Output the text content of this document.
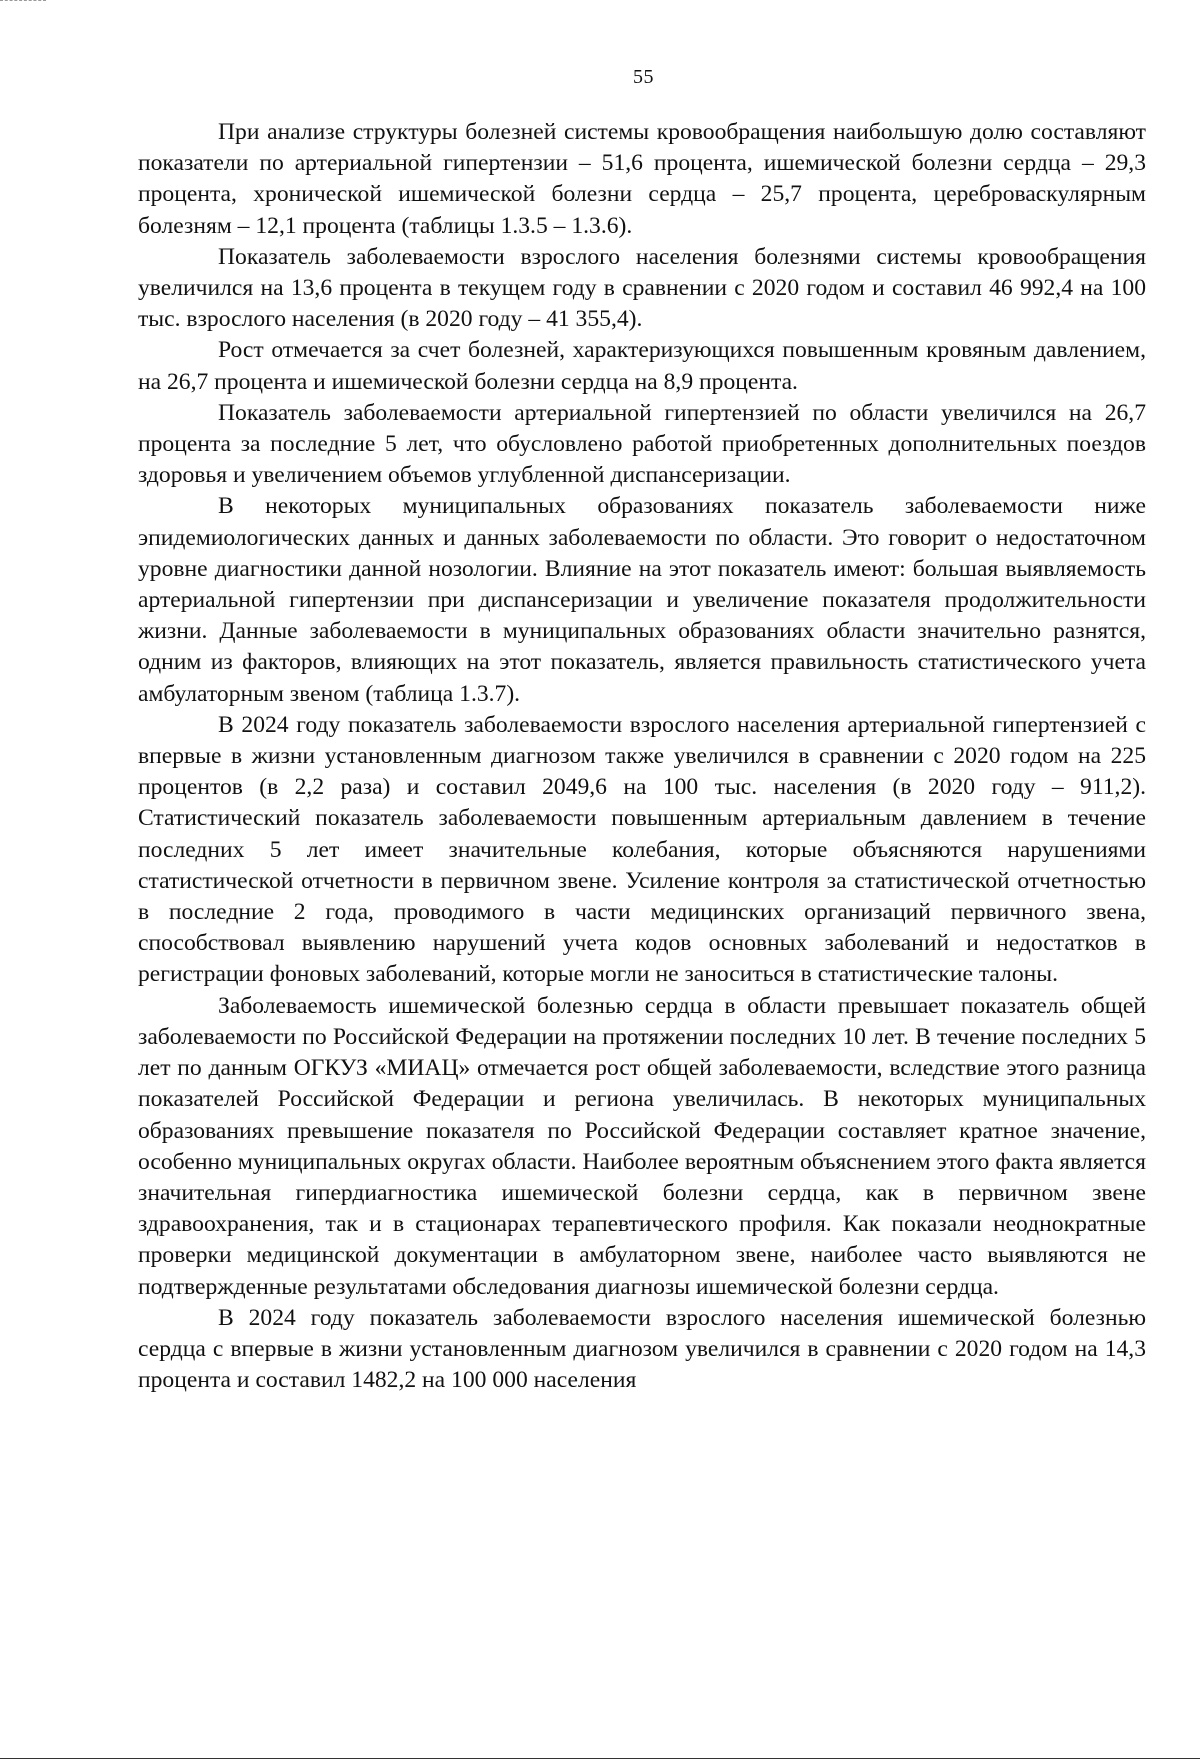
55

При анализе структуры болезней системы кровообращения наибольшую долю составляют показатели по артериальной гипертензии – 51,6 процента, ишемической болезни сердца – 29,3 процента, хронической ишемической болезни сердца – 25,7 процента, цереброваскулярным болезням – 12,1 процента (таблицы 1.3.5 – 1.3.6).

Показатель заболеваемости взрослого населения болезнями системы кровообращения увеличился на 13,6 процента в текущем году в сравнении с 2020 годом и составил 46 992,4 на 100 тыс. взрослого населения (в 2020 году – 41 355,4).

Рост отмечается за счет болезней, характеризующихся повышенным кровяным давлением, на 26,7 процента и ишемической болезни сердца на 8,9 процента.

Показатель заболеваемости артериальной гипертензией по области увеличился на 26,7 процента за последние 5 лет, что обусловлено работой приобретенных дополнительных поездов здоровья и увеличением объемов углубленной диспансеризации.

В некоторых муниципальных образованиях показатель заболеваемости ниже эпидемиологических данных и данных заболеваемости по области. Это говорит о недостаточном уровне диагностики данной нозологии. Влияние на этот показатель имеют: большая выявляемость артериальной гипертензии при диспансеризации и увеличение показателя продолжительности жизни. Данные заболеваемости в муниципальных образованиях области значительно разнятся, одним из факторов, влияющих на этот показатель, является правильность статистического учета амбулаторным звеном (таблица 1.3.7).

В 2024 году показатель заболеваемости взрослого населения артериальной гипертензией с впервые в жизни установленным диагнозом также увеличился в сравнении с 2020 годом на 225 процентов (в 2,2 раза) и составил 2049,6 на 100 тыс. населения (в 2020 году – 911,2). Статистический показатель заболеваемости повышенным артериальным давлением в течение последних 5 лет имеет значительные колебания, которые объясняются нарушениями статистической отчетности в первичном звене. Усиление контроля за статистической отчетностью в последние 2 года, проводимого в части медицинских организаций первичного звена, способствовал выявлению нарушений учета кодов основных заболеваний и недостатков в регистрации фоновых заболеваний, которые могли не заноситься в статистические талоны.

Заболеваемость ишемической болезнью сердца в области превышает показатель общей заболеваемости по Российской Федерации на протяжении последних 10 лет. В течение последних 5 лет по данным ОГКУЗ «МИАЦ» отмечается рост общей заболеваемости, вследствие этого разница показателей Российской Федерации и региона увеличилась. В некоторых муниципальных образованиях превышение показателя по Российской Федерации составляет кратное значение, особенно муниципальных округах области. Наиболее вероятным объяснением этого факта является значительная гипердиагностика ишемической болезни сердца, как в первичном звене здравоохранения, так и в стационарах терапевтического профиля. Как показали неоднократные проверки медицинской документации в амбулаторном звене, наиболее часто выявляются не подтвержденные результатами обследования диагнозы ишемической болезни сердца.

В 2024 году показатель заболеваемости взрослого населения ишемической болезнью сердца с впервые в жизни установленным диагнозом увеличился в сравнении с 2020 годом на 14,3 процента и составил 1482,2 на 100 000 населения
